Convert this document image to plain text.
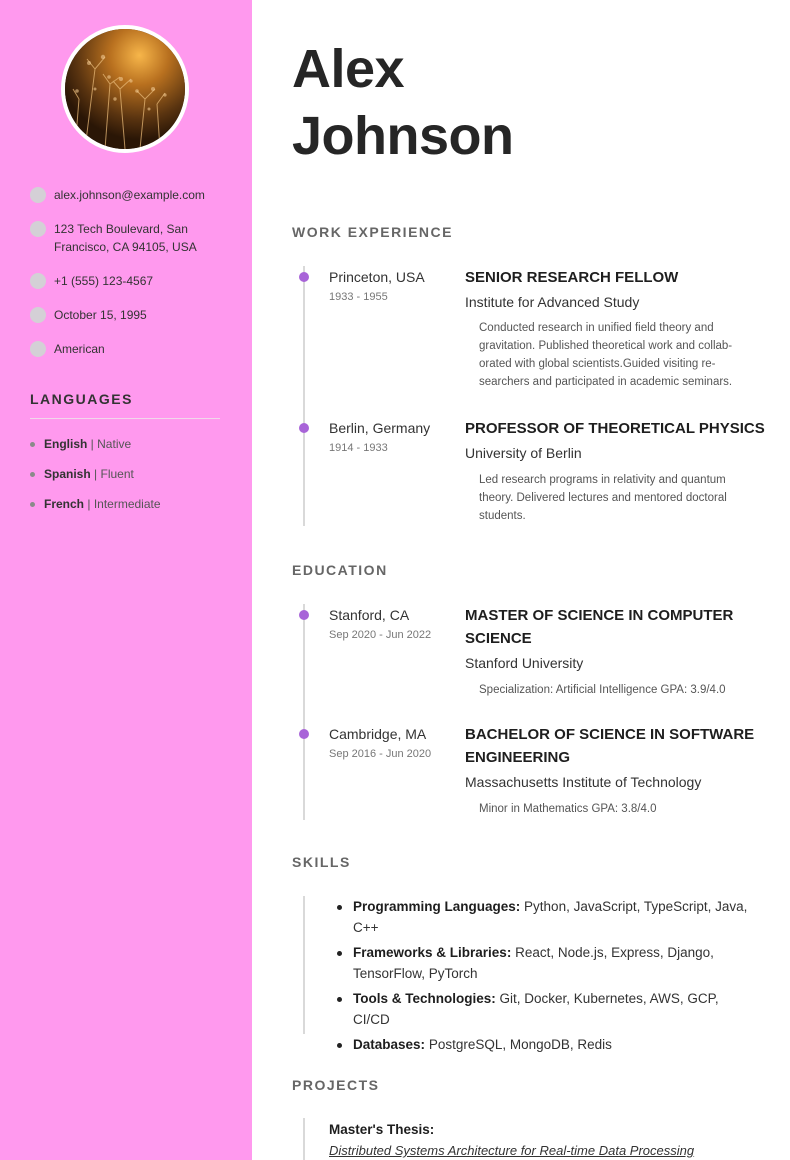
alex.johnson@example.com
123 Tech Boulevard, San Francisco, CA 94105, USA
+1 (555) 123-4567
October 15, 1995
American
LANGUAGES
English | Native
Spanish | Fluent
French | Intermediate
Alex
Johnson
WORK EXPERIENCE
Princeton, USA
1933 - 1955
SENIOR RESEARCH FELLOW
Institute for Advanced Study
Conducted research in unified field theory and
gravitation. Published theoretical work and collab-
orated with global scientists.Guided visiting re-
searchers and participated in academic seminars.
Berlin, Germany
1914 - 1933
PROFESSOR OF THEORETICAL PHYSICS
University of Berlin
Led research programs in relativity and quantum
theory. Delivered lectures and mentored doctoral
students.
EDUCATION
Stanford, CA
Sep 2020 - Jun 2022
MASTER OF SCIENCE IN COMPUTER
SCIENCE
Stanford University
Specialization: Artificial Intelligence GPA: 3.9/4.0
Cambridge, MA
Sep 2016 - Jun 2020
BACHELOR OF SCIENCE IN SOFTWARE
ENGINEERING
Massachusetts Institute of Technology
Minor in Mathematics GPA: 3.8/4.0
SKILLS
Programming Languages: Python, JavaScript, TypeScript, Java, C++
Frameworks & Libraries: React, Node.js, Express, Django, TensorFlow, PyTorch
Tools & Technologies: Git, Docker, Kubernetes, AWS, GCP, CI/CD
Databases: PostgreSQL, MongoDB, Redis
PROJECTS
Master's Thesis:
Distributed Systems Architecture for Real-time Data Processing
